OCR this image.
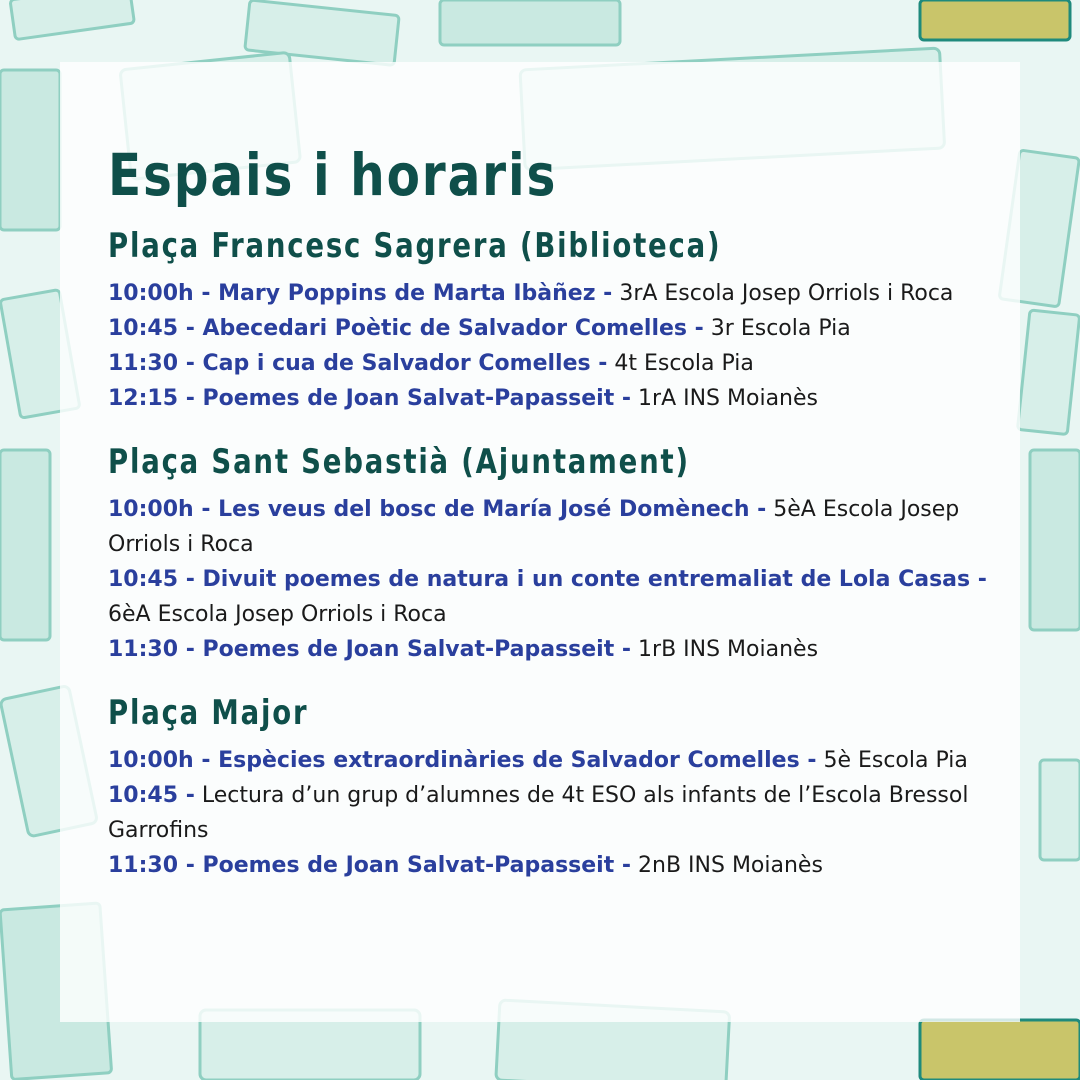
Espais i horaris
Plaça Francesc Sagrera (Biblioteca)
10:00h - Mary Poppins de Marta Ibàñez - 3rA Escola Josep Orriols i Roca
10:45 - Abecedari Poètic de Salvador Comelles - 3r Escola Pia
11:30 - Cap i cua de Salvador Comelles - 4t Escola Pia
12:15 - Poemes de Joan Salvat-Papasseit - 1rA INS Moianès
Plaça Sant Sebastià (Ajuntament)
10:00h - Les veus del bosc de María José Domènech - 5èA Escola Josep Orriols i Roca
10:45 - Divuit poemes de natura i un conte entremaliat de Lola Casas - 6èA Escola Josep Orriols i Roca
11:30 - Poemes de Joan Salvat-Papasseit - 1rB INS Moianès
Plaça Major
10:00h - Espècies extraordinàries de Salvador Comelles - 5è Escola Pia
10:45 - Lectura d’un grup d’alumnes de 4t ESO als infants de l’Escola Bressol Garrofins
11:30 - Poemes de Joan Salvat-Papasseit - 2nB INS Moianès
